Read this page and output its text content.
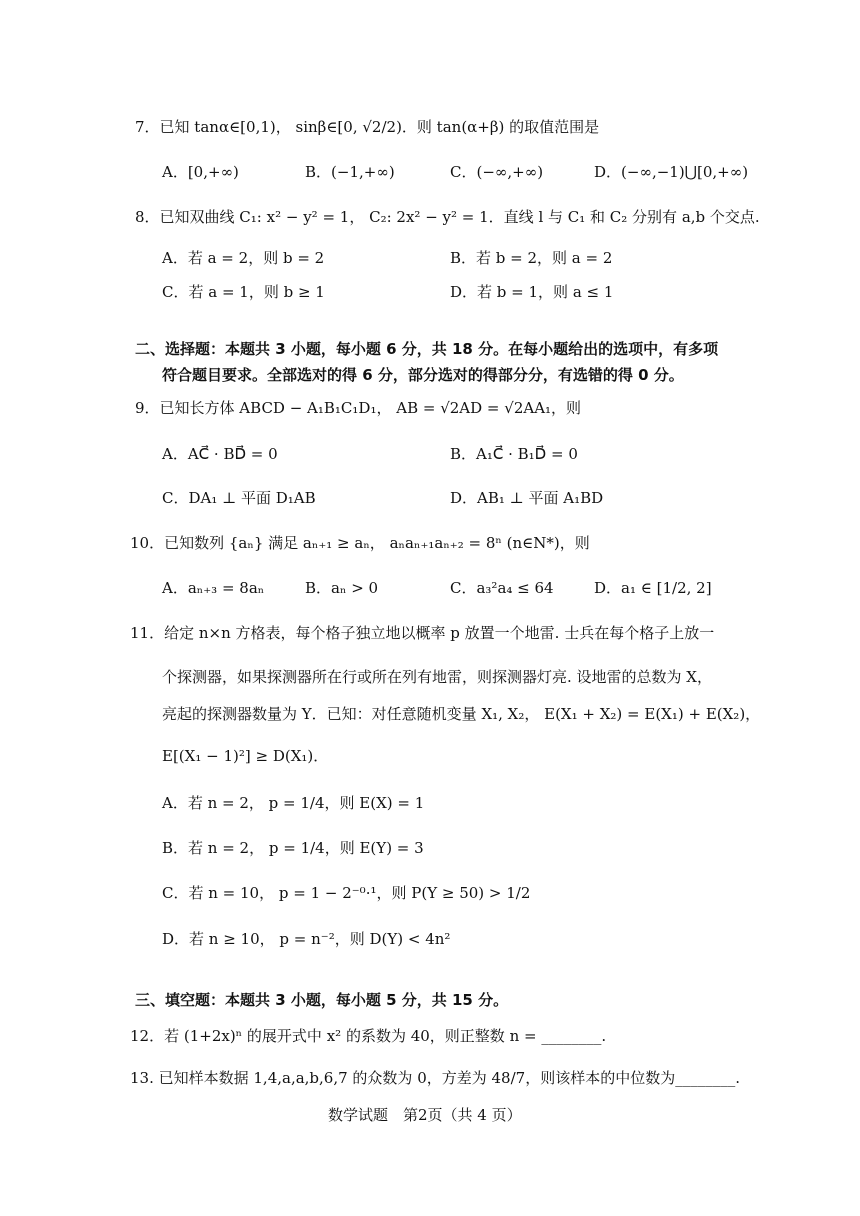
7．已知 tanα∈[0,1)， sinβ∈[0, √2/2)．则 tan(α+β) 的取值范围是
A．[0,+∞)	B．(−1,+∞)	C．(−∞,+∞)	D．(−∞,−1)⋃[0,+∞)
8．已知双曲线 C₁: x² − y² = 1， C₂: 2x² − y² = 1．直线 l 与 C₁ 和 C₂ 分别有 a,b 个交点.
A．若 a = 2，则 b = 2	B．若 b = 2，则 a = 2
C．若 a = 1，则 b ≥ 1	D．若 b = 1，则 a ≤ 1
二、选择题：本题共 3 小题，每小题 6 分，共 18 分。在每小题给出的选项中，有多项
符合题目要求。全部选对的得 6 分，部分选对的得部分分，有选错的得 0 分。
9．已知长方体 ABCD − A₁B₁C₁D₁， AB = √2AD = √2AA₁，则
A．AC⃗ · BD⃗ = 0	B．A₁C⃗ · B₁D⃗ = 0
C．DA₁ ⊥ 平面 D₁AB	D．AB₁ ⊥ 平面 A₁BD
10．已知数列 {aₙ} 满足 aₙ₊₁ ≥ aₙ， aₙaₙ₊₁aₙ₊₂ = 8ⁿ (n∈N*)，则
A．aₙ₊₃ = 8aₙ	B．aₙ > 0	C．a₃²a₄ ≤ 64	D．a₁ ∈ [1/2, 2]
11．给定 n×n 方格表，每个格子独立地以概率 p 放置一个地雷. 士兵在每个格子上放一
个探测器，如果探测器所在行或所在列有地雷，则探测器灯亮. 设地雷的总数为 X，
亮起的探测器数量为 Y．已知：对任意随机变量 X₁, X₂， E(X₁ + X₂) = E(X₁) + E(X₂)，
E[(X₁ − 1)²] ≥ D(X₁)．
A．若 n = 2， p = 1/4，则 E(X) = 1
B．若 n = 2， p = 1/4，则 E(Y) = 3
C．若 n = 10， p = 1 − 2⁻⁰·¹，则 P(Y ≥ 50) > 1/2
D．若 n ≥ 10， p = n⁻²，则 D(Y) < 4n²
三、填空题：本题共 3 小题，每小题 5 分，共 15 分。
12．若 (1+2x)ⁿ 的展开式中 x² 的系数为 40，则正整数 n = ________.
13. 已知样本数据 1,4,a,a,b,6,7 的众数为 0，方差为 48/7，则该样本的中位数为________.
数学试题　第2页（共 4 页）
